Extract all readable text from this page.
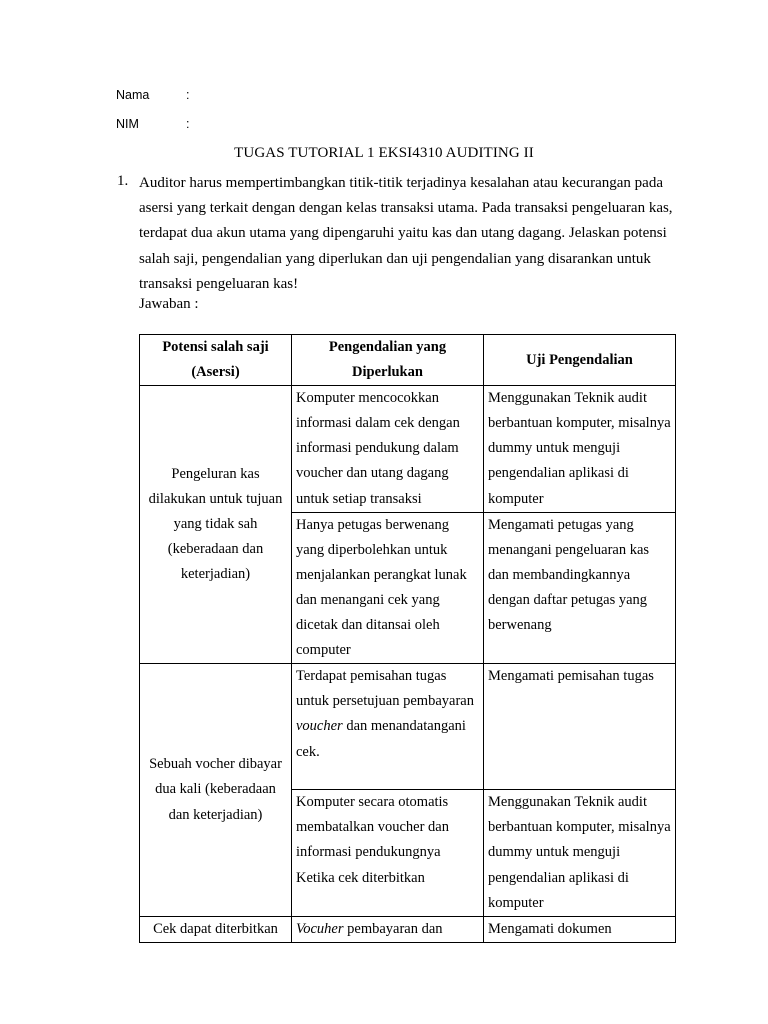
Nama	:
NIM	:
TUGAS TUTORIAL 1 EKSI4310 AUDITING II
1. Auditor harus mempertimbangkan titik-titik terjadinya kesalahan atau kecurangan pada asersi yang terkait dengan dengan kelas transaksi utama. Pada transaksi pengeluaran kas, terdapat dua akun utama yang dipengaruhi yaitu kas dan utang dagang. Jelaskan potensi salah saji, pengendalian yang diperlukan dan uji pengendalian yang disarankan untuk transaksi pengeluaran kas!
Jawaban :
Potensi salah saji (Asersi)	Pengendalian yang Diperlukan	Uji Pengendalian
Pengeluran kas dilakukan untuk tujuan yang tidak sah (keberadaan dan keterjadian)	Komputer mencocokkan informasi dalam cek dengan informasi pendukung dalam voucher dan utang dagang untuk setiap transaksi	Menggunakan Teknik audit berbantuan komputer, misalnya dummy untuk menguji pengendalian aplikasi di komputer
	Hanya petugas berwenang yang diperbolehkan untuk menjalankan perangkat lunak dan menangani cek yang dicetak dan ditansai oleh computer	Mengamati petugas yang menangani pengeluaran kas dan membandingkannya dengan daftar petugas yang berwenang
Sebuah vocher dibayar dua kali (keberadaan dan keterjadian)	Terdapat pemisahan tugas untuk persetujuan pembayaran voucher dan menandatangani cek.	Mengamati pemisahan tugas
	Komputer secara otomatis membatalkan voucher dan informasi pendukungnya Ketika cek diterbitkan	Menggunakan Teknik audit berbantuan komputer, misalnya dummy untuk menguji pengendalian aplikasi di komputer
Cek dapat diterbitkan	Vocuher pembayaran dan	Mengamati dokumen
